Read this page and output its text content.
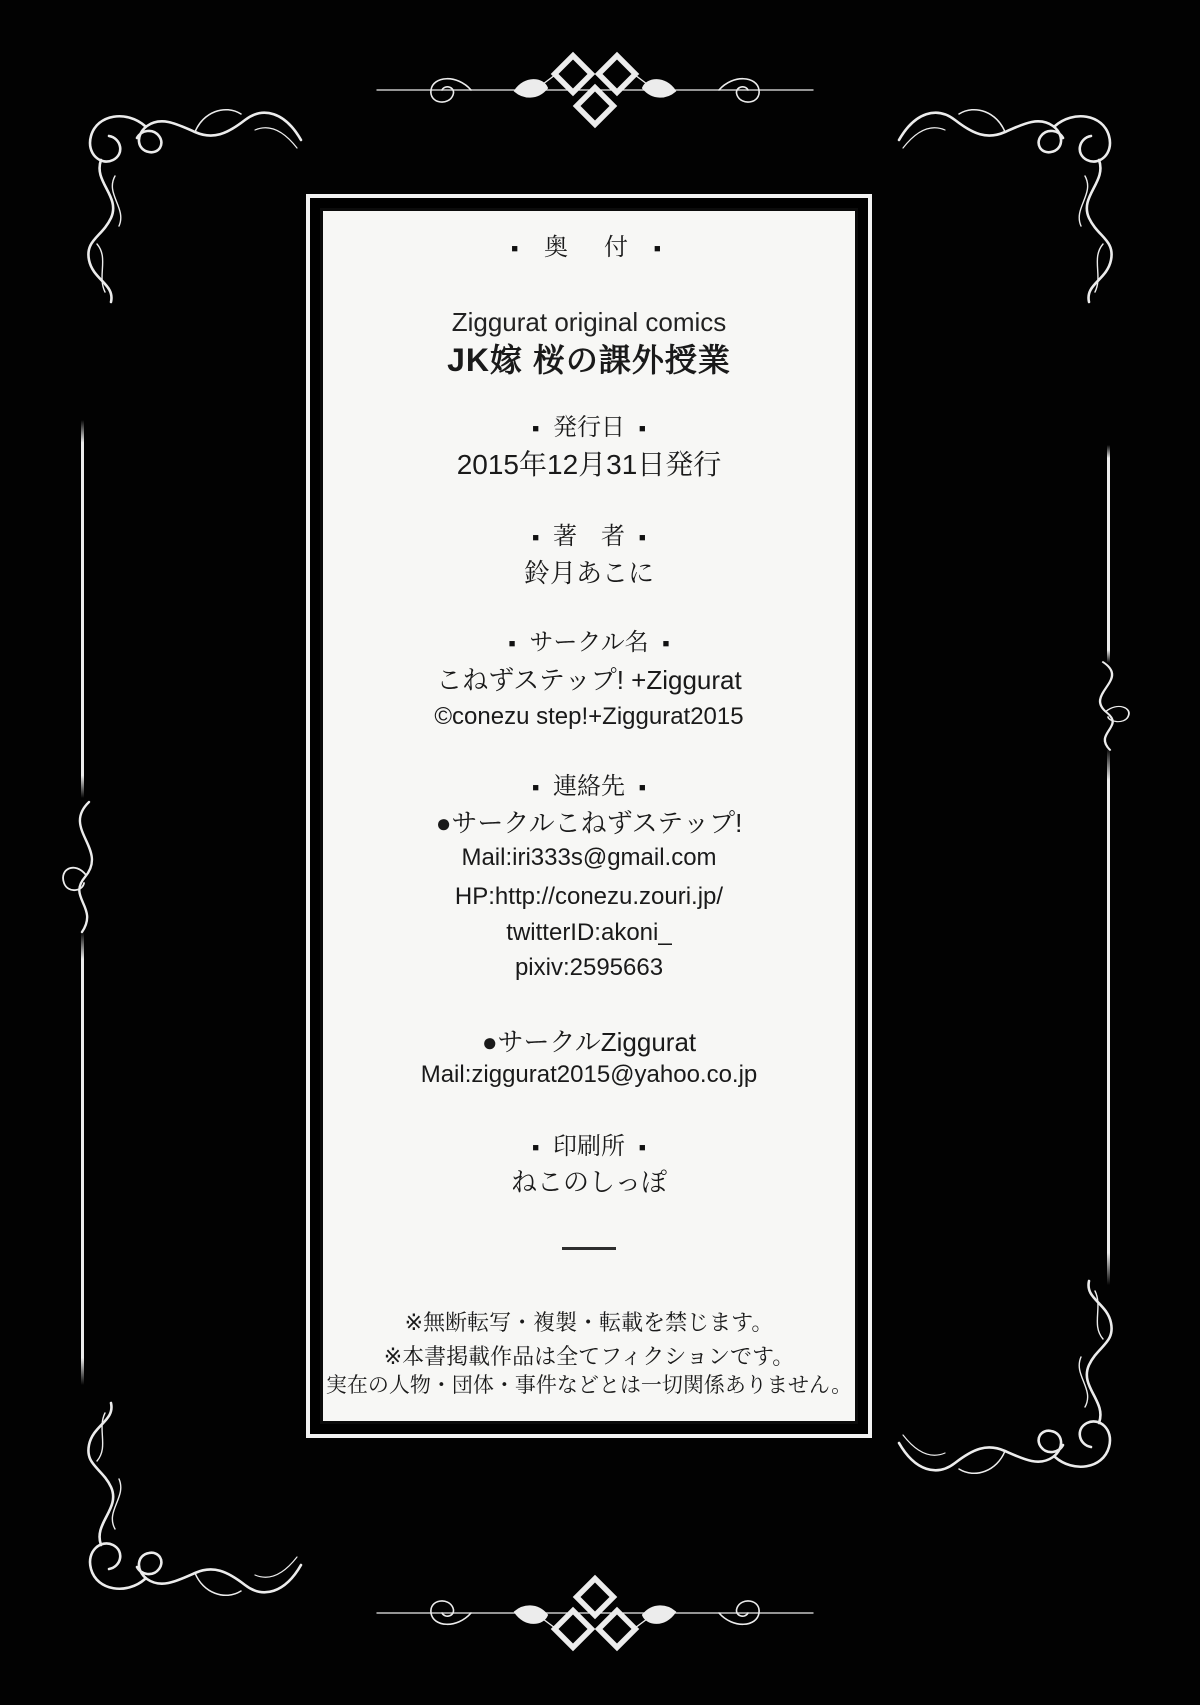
■ 奥　付 ■
Ziggurat original comics
JK嫁 桜の課外授業
■ 発行日 ■
2015年12月31日発行
■ 著　者 ■
鈴月あこに
■ サークル名 ■
こねずステップ! +Ziggurat
©conezu step!+Ziggurat2015
■ 連絡先 ■
●サークルこねずステップ!
Mail:iri333s@gmail.com
HP:http://conezu.zouri.jp/
twitterID:akoni_
pixiv:2595663
●サークルZiggurat
Mail:ziggurat2015@yahoo.co.jp
■ 印刷所 ■
ねこのしっぽ
※無断転写・複製・転載を禁じます。
※本書掲載作品は全てフィクションです。
実在の人物・団体・事件などとは一切関係ありません。
